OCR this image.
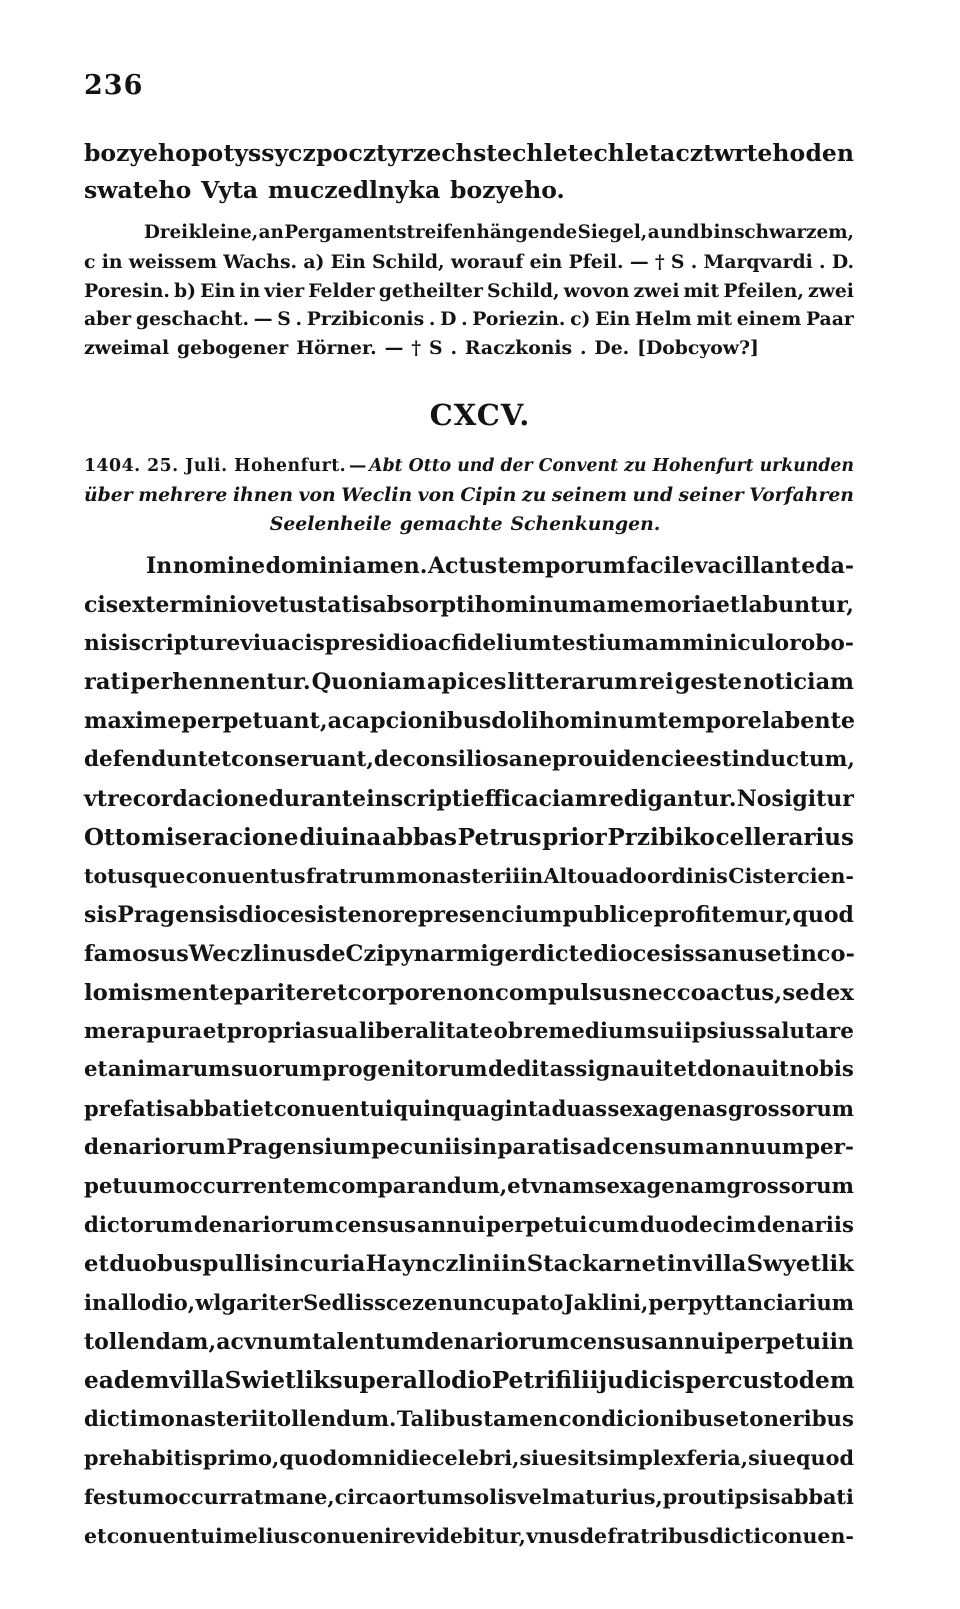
236
bozyeho po tyssycz po cztyrzech stech letech leta cztwrteho den
swateho Vyta muczedlnyka bozyeho.
Drei kleine, an Pergamentstreifen hängende Siegel, a und b in schwarzem,
c in weissem Wachs. a) Ein Schild, worauf ein Pfeil. — † S . Marqvardi . D.
Poresin. b) Ein in vier Felder getheilter Schild, wovon zwei mit Pfeilen, zwei
aber geschacht. — S . Przibiconis . D . Poriezin. c) Ein Helm mit einem Paar
zweimal gebogener Hörner. — † S . Raczkonis . De. [Dobcyow?]
CXCV.
1404. 25. Juli. Hohenfurt. — Abt Otto und der Convent zu Hohenfurt urkunden
über mehrere ihnen von Weclin von Cipin zu seinem und seiner Vorfahren
Seelenheile gemachte Schenkungen.
In nomine domini amen. Actus temporum facile vacillant eda-
cis exterminio vetustatis absorpti hominum a memoria et labuntur,
nisi scripture viuacis presidio ac fidelium testium amminiculo robo-
rati perhennentur. Quoniam apices litterarum rei geste noticiam
maxime perpetuant, a capcionibus doli hominum tempore labente
defendunt et conseruant, de consilio sane prouidencie est inductum,
vt recordacione durante in scripti efficaciam redigantur. Nos igitur
Otto miseracione diuina abbas Petrus prior Przibiko cellerarius
totusque conuentus fratrum monasterii in Altouado ordinis Cistercien-
sis Pragensis diocesis tenore presencium publice profitemur, quod
famosus Weczlinus de Czipyn armiger dicte diocesis sanus et inco-
lomis mente pariter et corpore non compulsus nec coactus, sed ex
mera pura et propria sua liberalitate ob remedium sui ipsius salutare
et animarum suorum progenitorum dedit assignauit et donauit nobis
prefatis abbati et conuentui quinquaginta duas sexagenas grossorum
denariorum Pragensium pecuniis in paratis ad censum annuum per-
petuum occurrentem comparandum, et vnam sexagenam grossorum
dictorum denariorum census annui perpetui cum duodecim denariis
et duobus pullis in curia Haynczlini in Stackarn et in villa Swyetlik
in allodio, wlgariter Sedlissceze nuncupato Jaklini, per pyttanciarium
tollendam, ac vnum talentum denariorum census annui perpetui in
eadem villa Swietlik super allodio Petri filii judicis per custodem
dicti monasterii tollendum. Talibus tamen condicionibus et oneribus
prehabitis primo, quod omni die celebri, siue sit simplex feria, siue quod
festum occurrat mane, circa ortum solis vel maturius, prout ipsis abbati
et conuentui melius conuenire videbitur, vnus de fratribus dicti conuen-
